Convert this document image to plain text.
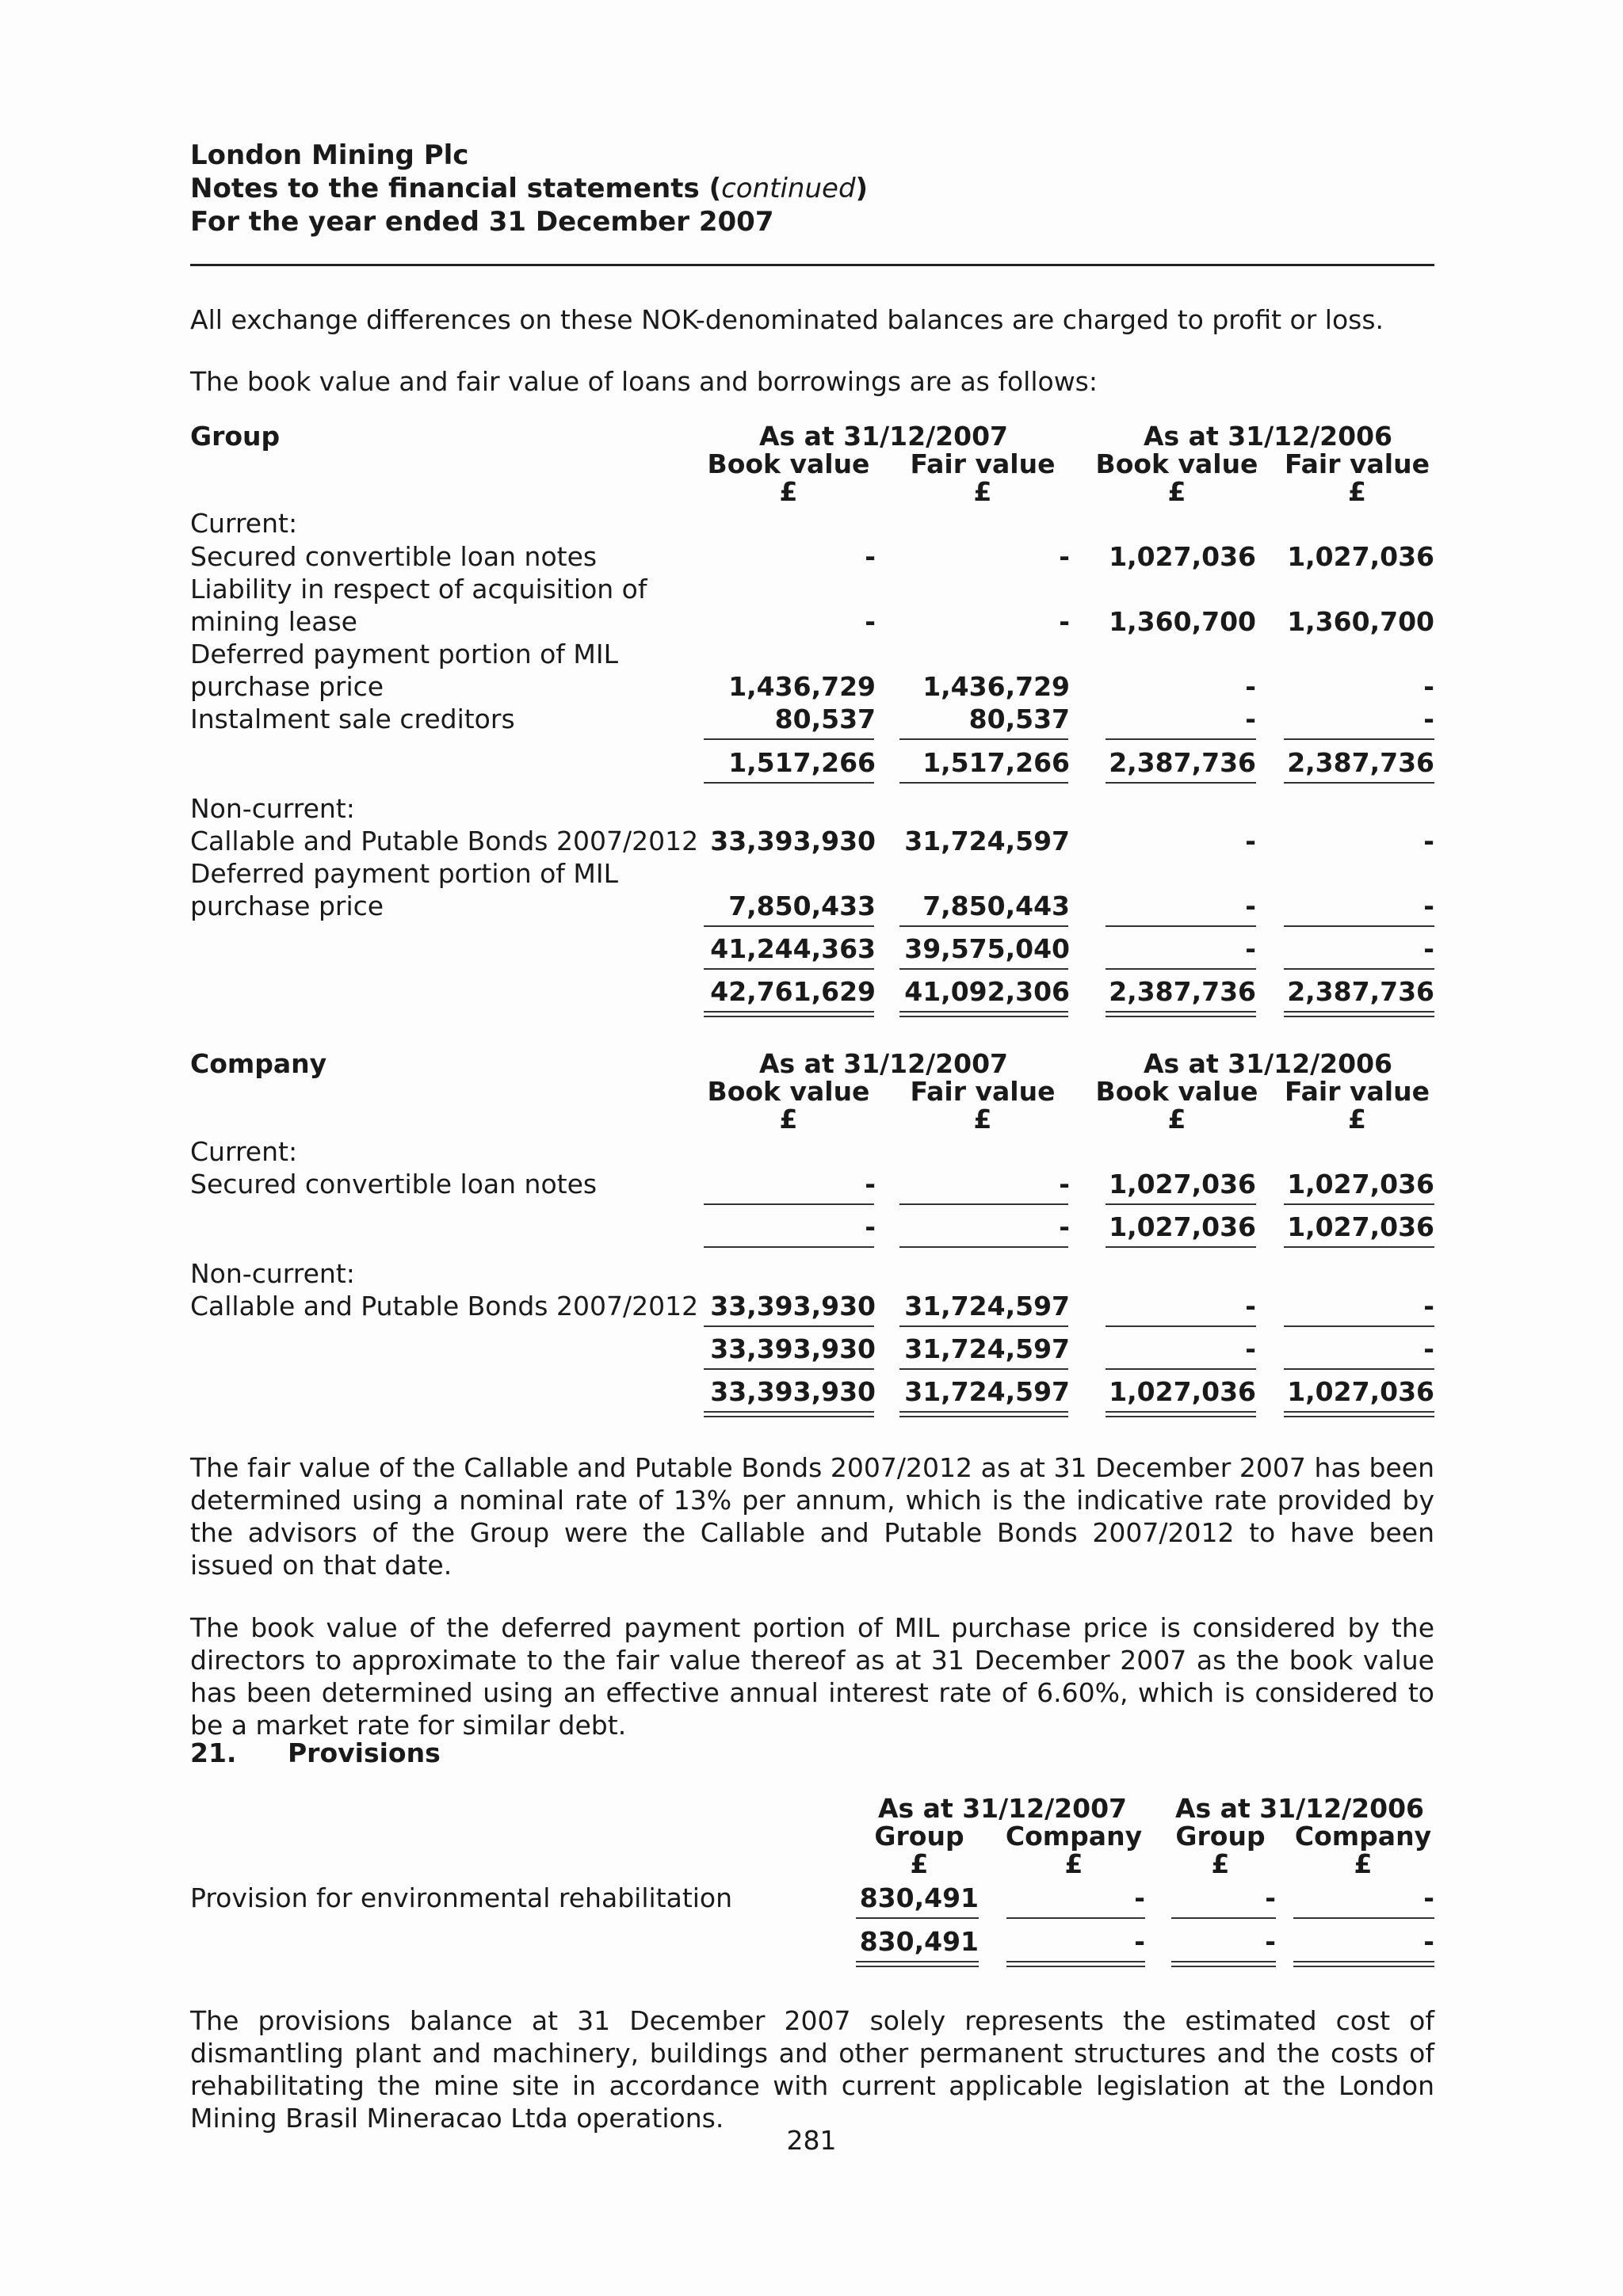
London Mining Plc
Notes to the financial statements (continued)
For the year ended 31 December 2007
All exchange differences on these NOK-denominated balances are charged to profit or loss.
The book value and fair value of loans and borrowings are as follows:
Group	As at 31/12/2007	As at 31/12/2006
Book value	Fair value	Book value Fair value
£	£	£	£
Current:
Secured convertible loan notes	-	-	1,027,036 1,027,036
Liability in respect of acquisition of
mining lease	-	-	1,360,700 1,360,700
Deferred payment portion of MIL
purchase price	1,436,729	1,436,729	-	-
Instalment sale creditors	80,537	80,537	-	-
1,517,266	1,517,266	2,387,736 2,387,736
Non-current:
Callable and Putable Bonds 2007/2012 33,393,930	31,724,597	-	-
Deferred payment portion of MIL
purchase price	7,850,433	7,850,443	-	-
41,244,363	39,575,040	-	-
42,761,629	41,092,306	2,387,736 2,387,736
Company	As at 31/12/2007	As at 31/12/2006
Book value	Fair value	Book value Fair value
£	£	£	£
Current:
Secured convertible loan notes	-	-	1,027,036 1,027,036
-	-	1,027,036 1,027,036
Non-current:
Callable and Putable Bonds 2007/2012 33,393,930	31,724,597	-	-
33,393,930	31,724,597	-	-
33,393,930	31,724,597	1,027,036 1,027,036
The fair value of the Callable and Putable Bonds 2007/2012 as at 31 December 2007 has been determined using a nominal rate of 13% per annum, which is the indicative rate provided by the advisors of the Group were the Callable and Putable Bonds 2007/2012 to have been issued on that date.
The book value of the deferred payment portion of MIL purchase price is considered by the directors to approximate to the fair value thereof as at 31 December 2007 as the book value has been determined using an effective annual interest rate of 6.60%, which is considered to be a market rate for similar debt.
21. Provisions
As at 31/12/2007	As at 31/12/2006
Group	Company	Group	Company
£	£	£	£
Provision for environmental rehabilitation	830,491	-	-	-
830,491	-	-	-
The provisions balance at 31 December 2007 solely represents the estimated cost of dismantling plant and machinery, buildings and other permanent structures and the costs of rehabilitating the mine site in accordance with current applicable legislation at the London Mining Brasil Mineracao Ltda operations.
281
